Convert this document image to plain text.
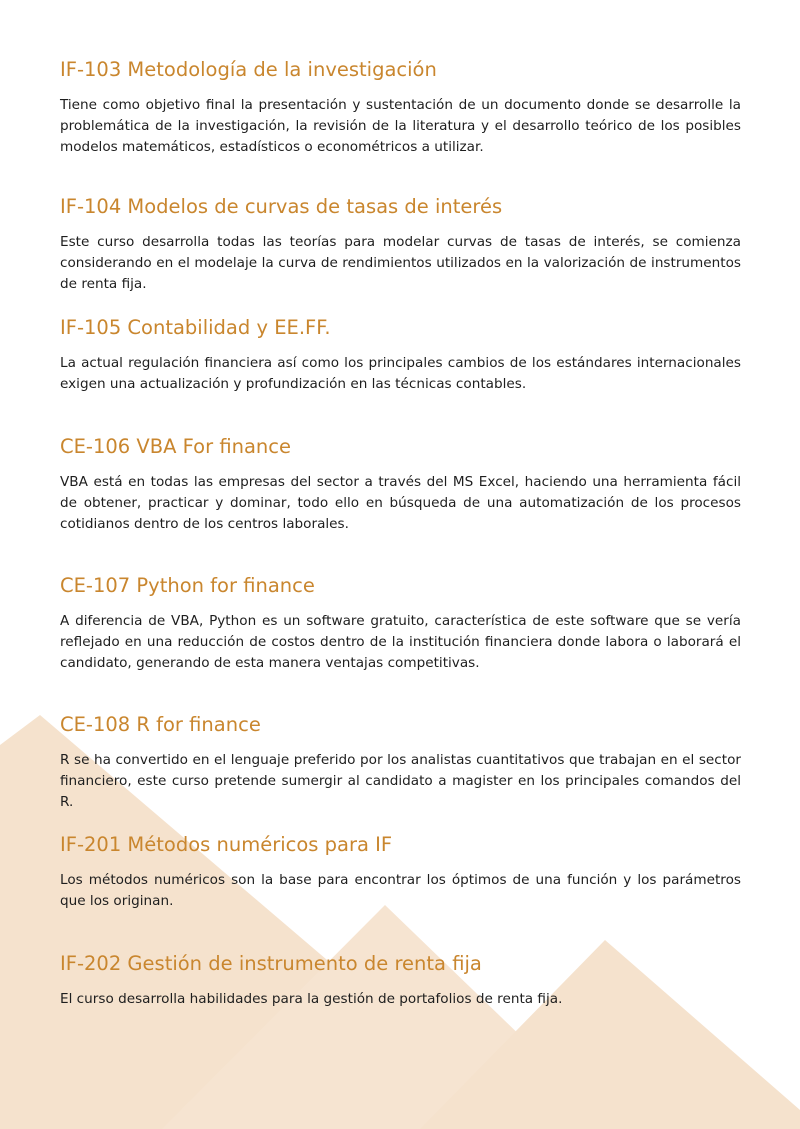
IF-103 Metodología de la investigación

Tiene como objetivo final la presentación y sustentación de un documento donde se desarrolle la problemática de la investigación, la revisión de la literatura y el desarrollo teórico de los posibles modelos matemáticos, estadísticos o econométricos a utilizar.

IF-104 Modelos de curvas de tasas de interés

Este curso desarrolla todas las teorías para modelar curvas de tasas de interés, se comienza considerando en el modelaje la curva de rendimientos utilizados en la valorización de instrumentos de renta fija.

IF-105 Contabilidad y EE.FF.

La actual regulación financiera así como los principales cambios de los estándares internacionales exigen una actualización y profundización en las técnicas contables.

CE-106 VBA For finance

VBA está en todas las empresas del sector a través del MS Excel, haciendo una herramienta fácil de obtener, practicar y dominar, todo ello en búsqueda de una automatización de los procesos cotidianos dentro de los centros laborales.

CE-107 Python for finance

A diferencia de VBA, Python es un software gratuito, característica de este software que se vería reflejado en una reducción de costos dentro de la institución financiera donde labora o laborará el candidato, generando de esta manera ventajas competitivas.

CE-108 R for finance

R se ha convertido en el lenguaje preferido por los analistas cuantitativos que trabajan en el sector financiero, este curso pretende sumergir al candidato a magister en los principales comandos del R.

IF-201 Métodos numéricos para IF

Los métodos numéricos son la base para encontrar los óptimos de una función y los parámetros que los originan.

IF-202 Gestión de instrumento de renta fija

El curso desarrolla habilidades para la gestión de portafolios de renta fija.
